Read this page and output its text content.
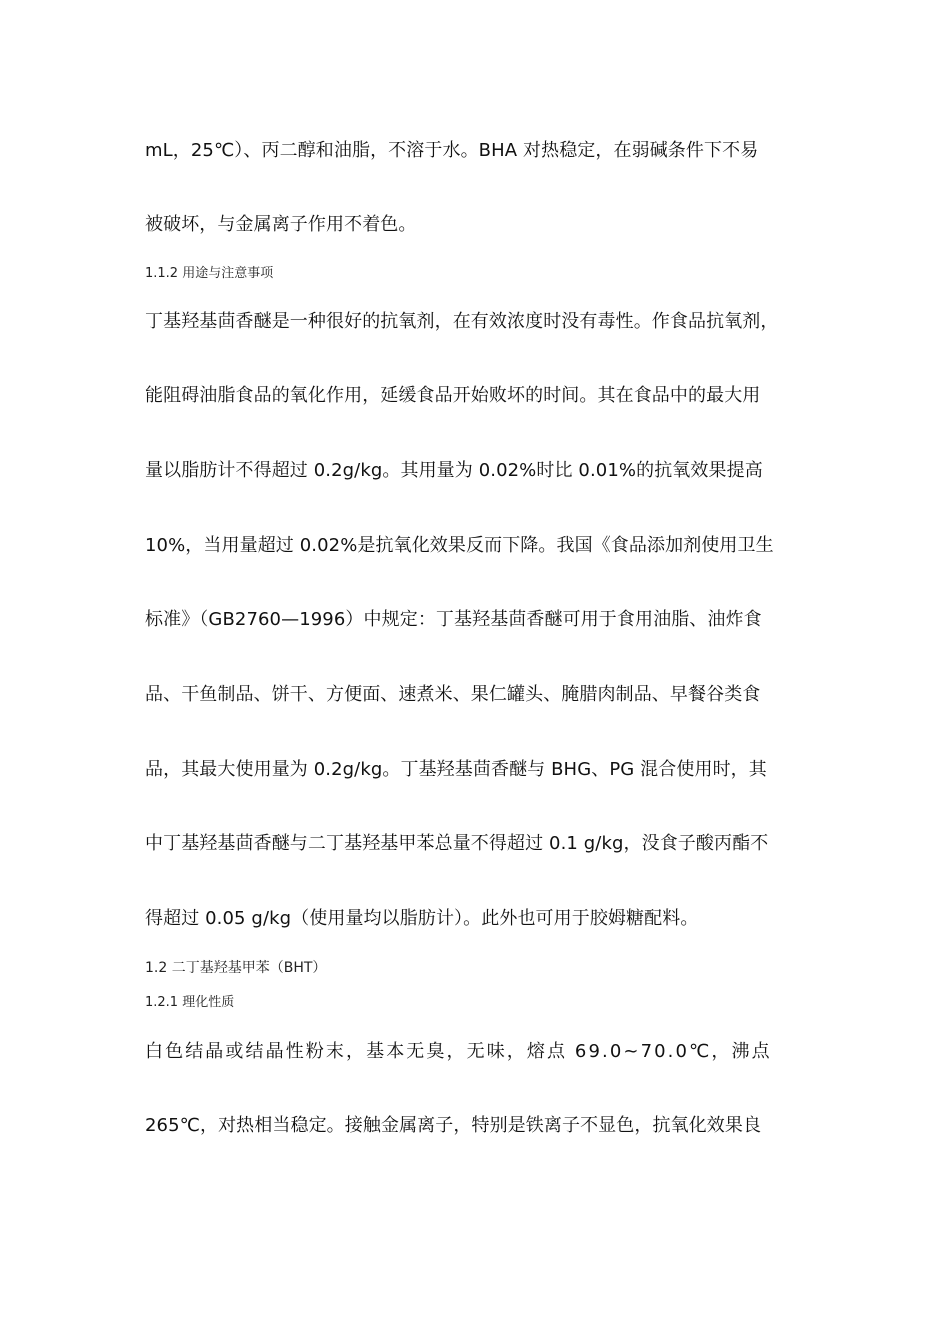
mL，25℃）、丙二醇和油脂，不溶于水。BHA 对热稳定，在弱碱条件下不易
被破坏，与金属离子作用不着色。
1.1.2 用途与注意事项
丁基羟基茴香醚是一种很好的抗氧剂，在有效浓度时没有毒性。作食品抗氧剂，
能阻碍油脂食品的氧化作用，延缓食品开始败坏的时间。其在食品中的最大用
量以脂肪计不得超过 0.2g/kg。其用量为 0.02%时比 0.01%的抗氧效果提高
10%，当用量超过 0.02%是抗氧化效果反而下降。我国《食品添加剂使用卫生
标准》（GB2760—1996）中规定：丁基羟基茴香醚可用于食用油脂、油炸食
品、干鱼制品、饼干、方便面、速煮米、果仁罐头、腌腊肉制品、早餐谷类食
品，其最大使用量为 0.2g/kg。丁基羟基茴香醚与 BHG、PG 混合使用时，其
中丁基羟基茴香醚与二丁基羟基甲苯总量不得超过 0.1 g/kg，没食子酸丙酯不
得超过 0.05 g/kg（使用量均以脂肪计）。此外也可用于胶姆糖配料。
1.2 二丁基羟基甲苯（BHT）
1.2.1 理化性质
白色结晶或结晶性粉末，基本无臭，无味，熔点 69.0~70.0℃，沸点
265℃，对热相当稳定。接触金属离子，特别是铁离子不显色，抗氧化效果良
